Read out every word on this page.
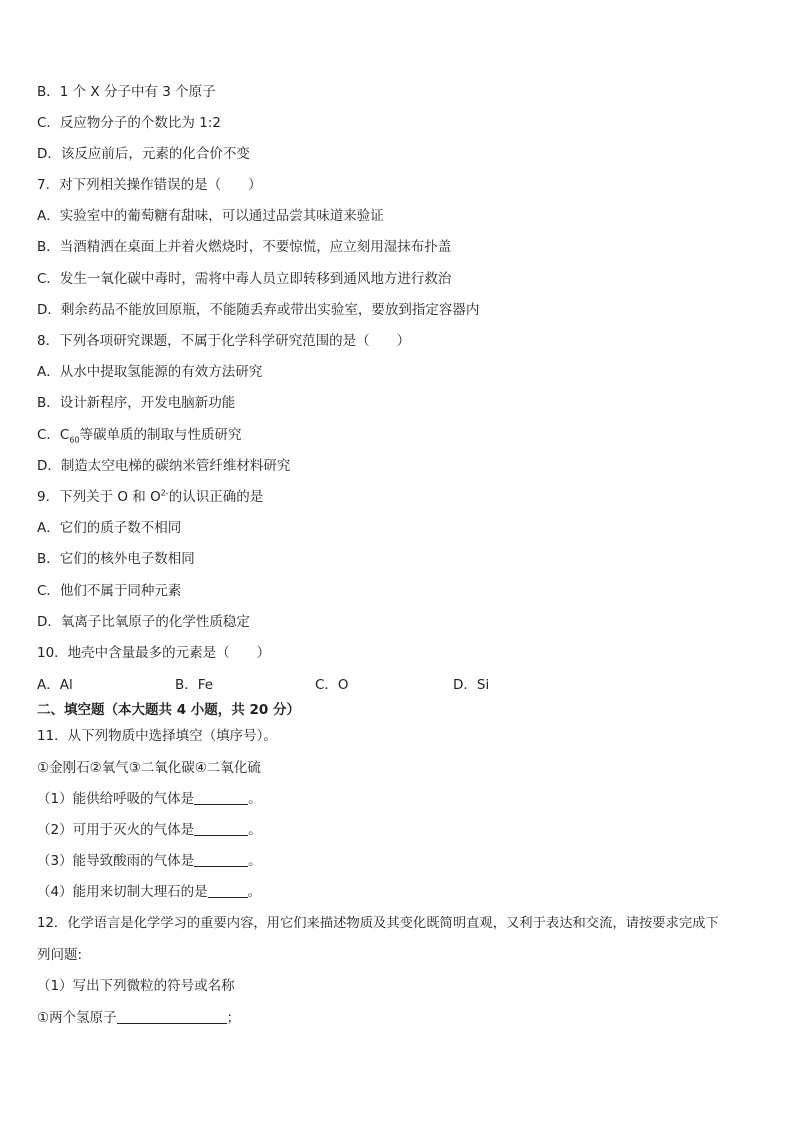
B．1 个 X 分子中有 3 个原子
C．反应物分子的个数比为 1:2
D．该反应前后，元素的化合价不变
7．对下列相关操作错误的是（　　）
A．实验室中的葡萄糖有甜味，可以通过品尝其味道来验证
B．当酒精洒在桌面上并着火燃烧时，不要惊慌，应立刻用湿抹布扑盖
C．发生一氧化碳中毒时，需将中毒人员立即转移到通风地方进行救治
D．剩余药品不能放回原瓶，不能随丢弃或带出实验室，要放到指定容器内
8．下列各项研究课题，不属于化学科学研究范围的是（　　）
A．从水中提取氢能源的有效方法研究
B．设计新程序，开发电脑新功能
C．$C_{60}$等碳单质的制取与性质研究
D．制造太空电梯的碳纳米管纤维材料研究
9．下列关于 O 和 $O^{2-}$的认识正确的是
A．它们的质子数不相同
B．它们的核外电子数相同
C．他们不属于同种元素
D．氧离子比氧原子的化学性质稳定
10．地壳中含量最多的元素是（　　）
A．Al	B．Fe	C．O	D．Si
二、填空题（本大题共 4 小题，共 20 分）
11．从下列物质中选择填空（填序号）。
①金刚石②氧气③二氧化碳④二氧化硫
（1）能供给呼吸的气体是	。
（2）可用于灭火的气体是	。
（3）能导致酸雨的气体是	。
（4）能用来切制大理石的是	。
12．化学语言是化学学习的重要内容，用它们来描述物质及其变化既简明直观，又利于表达和交流，请按要求完成下
列问题:
（1）写出下列微粒的符号或名称
①两个氢原子	；
